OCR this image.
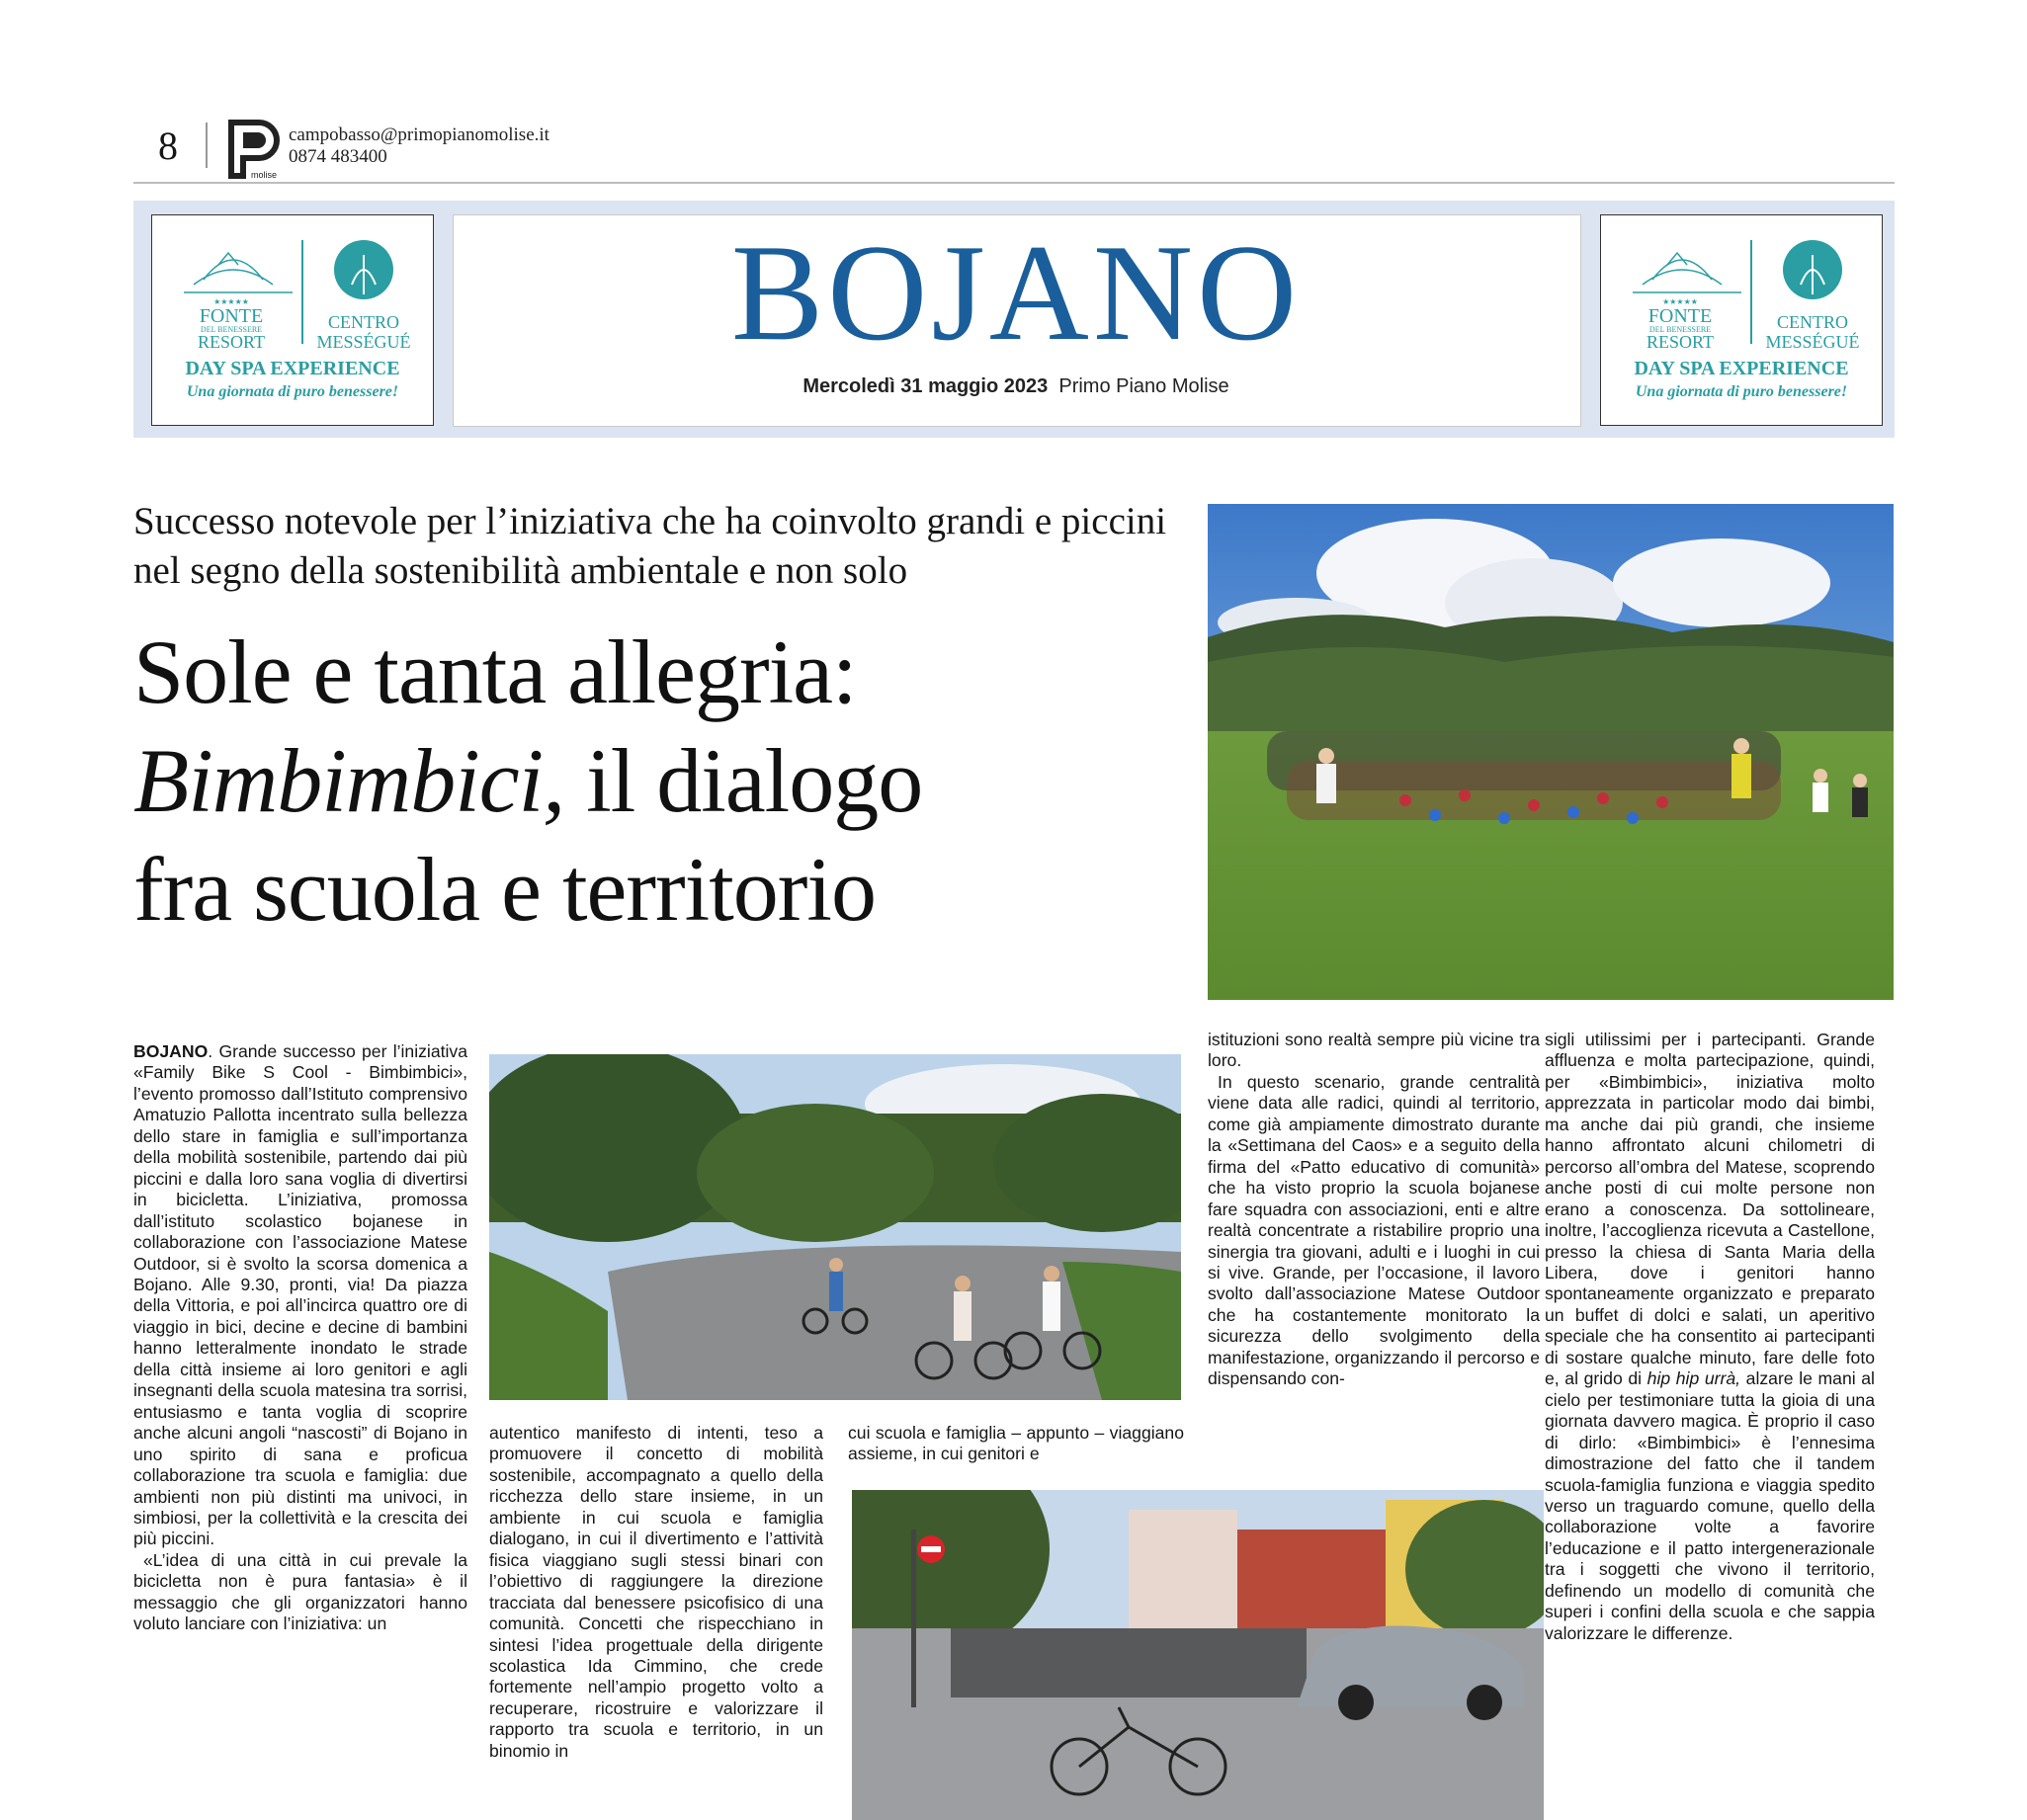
8
molise
campobasso@primopianomolise.it
0874 483400
BOJANO
Mercoledì 31 maggio 2023 Primo Piano Molise
★★★★★
FONTE
DEL BENESSERE
RESORT
CENTRO
MESSÉGUÉ
DAY SPA EXPERIENCE
Una giornata di puro benessere!
★★★★★
FONTE
DEL BENESSERE
RESORT
CENTRO
MESSÉGUÉ
DAY SPA EXPERIENCE
Una giornata di puro benessere!
Successo notevole per l’iniziativa che ha coinvolto grandi e piccini nel segno della sostenibilità ambientale e non solo
Sole e tanta allegria:
Bimbimbici, il dialogo
fra scuola e territorio

BOJANO. Grande successo per l’iniziativa «Family Bike S Cool - Bimbimbici», l’evento promosso dall’Istituto comprensivo Amatuzio Pallotta incentrato sulla bellezza dello stare in famiglia e sull’importanza della mobilità sostenibile, partendo dai più piccini e dalla loro sana voglia di divertirsi in bicicletta. L’iniziativa, promossa dall’istituto scolastico bojanese in collaborazione con l’associazione Matese Outdoor, si è svolto la scorsa domenica a Bojano. Alle 9.30, pronti, via! Da piazza della Vittoria, e poi all’incirca quattro ore di viaggio in bici, decine e decine di bambini hanno letteralmente inondato le strade della città insieme ai loro genitori e agli insegnanti della scuola matesina tra sorrisi, entusiasmo e tanta voglia di scoprire anche alcuni angoli “nascosti” di Bojano in uno spirito di sana e proficua collaborazione tra scuola e famiglia: due ambienti non più distinti ma univoci, in simbiosi, per la collettività e la crescita dei più piccini.

«L’idea di una città in cui prevale la bicicletta non è pura fantasia» è il messaggio che gli organizzatori hanno voluto lanciare con l’iniziativa: un

autentico manifesto di intenti, teso a promuovere il concetto di mobilità sostenibile, accompagnato a quello della ricchezza dello stare insieme, in un ambiente in cui scuola e famiglia dialogano, in cui il divertimento e l’attività fisica viaggiano sugli stessi binari con l’obiettivo di raggiungere la direzione tracciata dal benessere psicofisico di una comunità. Concetti che rispecchiano in sintesi l’idea progettuale della dirigente scolastica Ida Cimmino, che crede fortemente nell’ampio progetto volto a recuperare, ricostruire e valorizzare il rapporto tra scuola e territorio, in un binomio in

cui scuola e famiglia – appunto – viaggiano assieme, in cui genitori e

istituzioni sono realtà sempre più vicine tra loro.

In questo scenario, grande centralità viene data alle radici, quindi al territorio, come già ampiamente dimostrato durante la «Settimana del Caos» e a seguito della firma del «Patto educativo di comunità» che ha visto proprio la scuola bojanese fare squadra con associazioni, enti e altre realtà concentrate a ristabilire proprio una sinergia tra giovani, adulti e i luoghi in cui si vive. Grande, per l’occasione, il lavoro svolto dall’associazione Matese Outdoor che ha costantemente monitorato la sicurezza dello svolgimento della manifestazione, organizzando il percorso e dispensando con-

sigli utilissimi per i partecipanti. Grande affluenza e molta partecipazione, quindi, per «Bimbimbici», iniziativa molto apprezzata in particolar modo dai bimbi, ma anche dai più grandi, che insieme hanno affrontato alcuni chilometri di percorso all’ombra del Matese, scoprendo anche posti di cui molte persone non erano a conoscenza. Da sottolineare, inoltre, l’accoglienza ricevuta a Castellone, presso la chiesa di Santa Maria della Libera, dove i genitori hanno spontaneamente organizzato e preparato un buffet di dolci e salati, un aperitivo speciale che ha consentito ai partecipanti di sostare qualche minuto, fare delle foto e, al grido di hip hip urrà, alzare le mani al cielo per testimoniare tutta la gioia di una giornata davvero magica. È proprio il caso di dirlo: «Bimbimbici» è l’ennesima dimostrazione del fatto che il tandem scuola-famiglia funziona e viaggia spedito verso un traguardo comune, quello della collaborazione volte a favorire l’educazione e il patto intergenerazionale tra i soggetti che vivono il territorio, definendo un modello di comunità che superi i confini della scuola e che sappia valorizzare le differenze.
